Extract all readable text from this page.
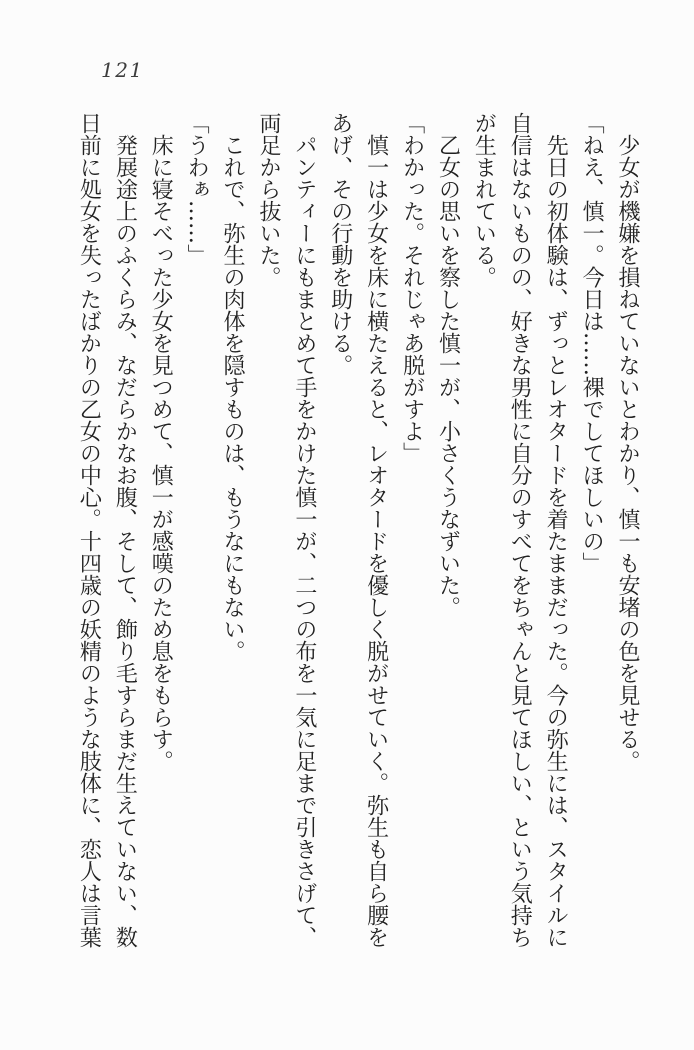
121

少女が機嫌を損ねていないとわかり、慎一も安堵の色を見せる。

「ねえ、慎一。今日は……裸でしてほしいの」

先日の初体験は、ずっとレオタードを着たままだった。今の弥生には、スタイルに自信はないものの、好きな男性に自分のすべてをちゃんと見てほしい、という気持ちが生まれている。

乙女の思いを察した慎一が、小さくうなずいた。

「わかった。それじゃあ脱がすよ」

慎一は少女を床に横たえると、レオタードを優しく脱がせていく。弥生も自ら腰をあげ、その行動を助ける。

パンティーにもまとめて手をかけた慎一が、二つの布を一気に足まで引きさげて、両足から抜いた。

これで、弥生の肉体を隠すものは、もうなにもない。

「うわぁ……」

床に寝そべった少女を見つめて、慎一が感嘆のため息をもらす。

発展途上のふくらみ、なだらかなお腹、そして、飾り毛すらまだ生えていない、数日前に処女を失ったばかりの乙女の中心。十四歳の妖精のような肢体に、恋人は言葉
